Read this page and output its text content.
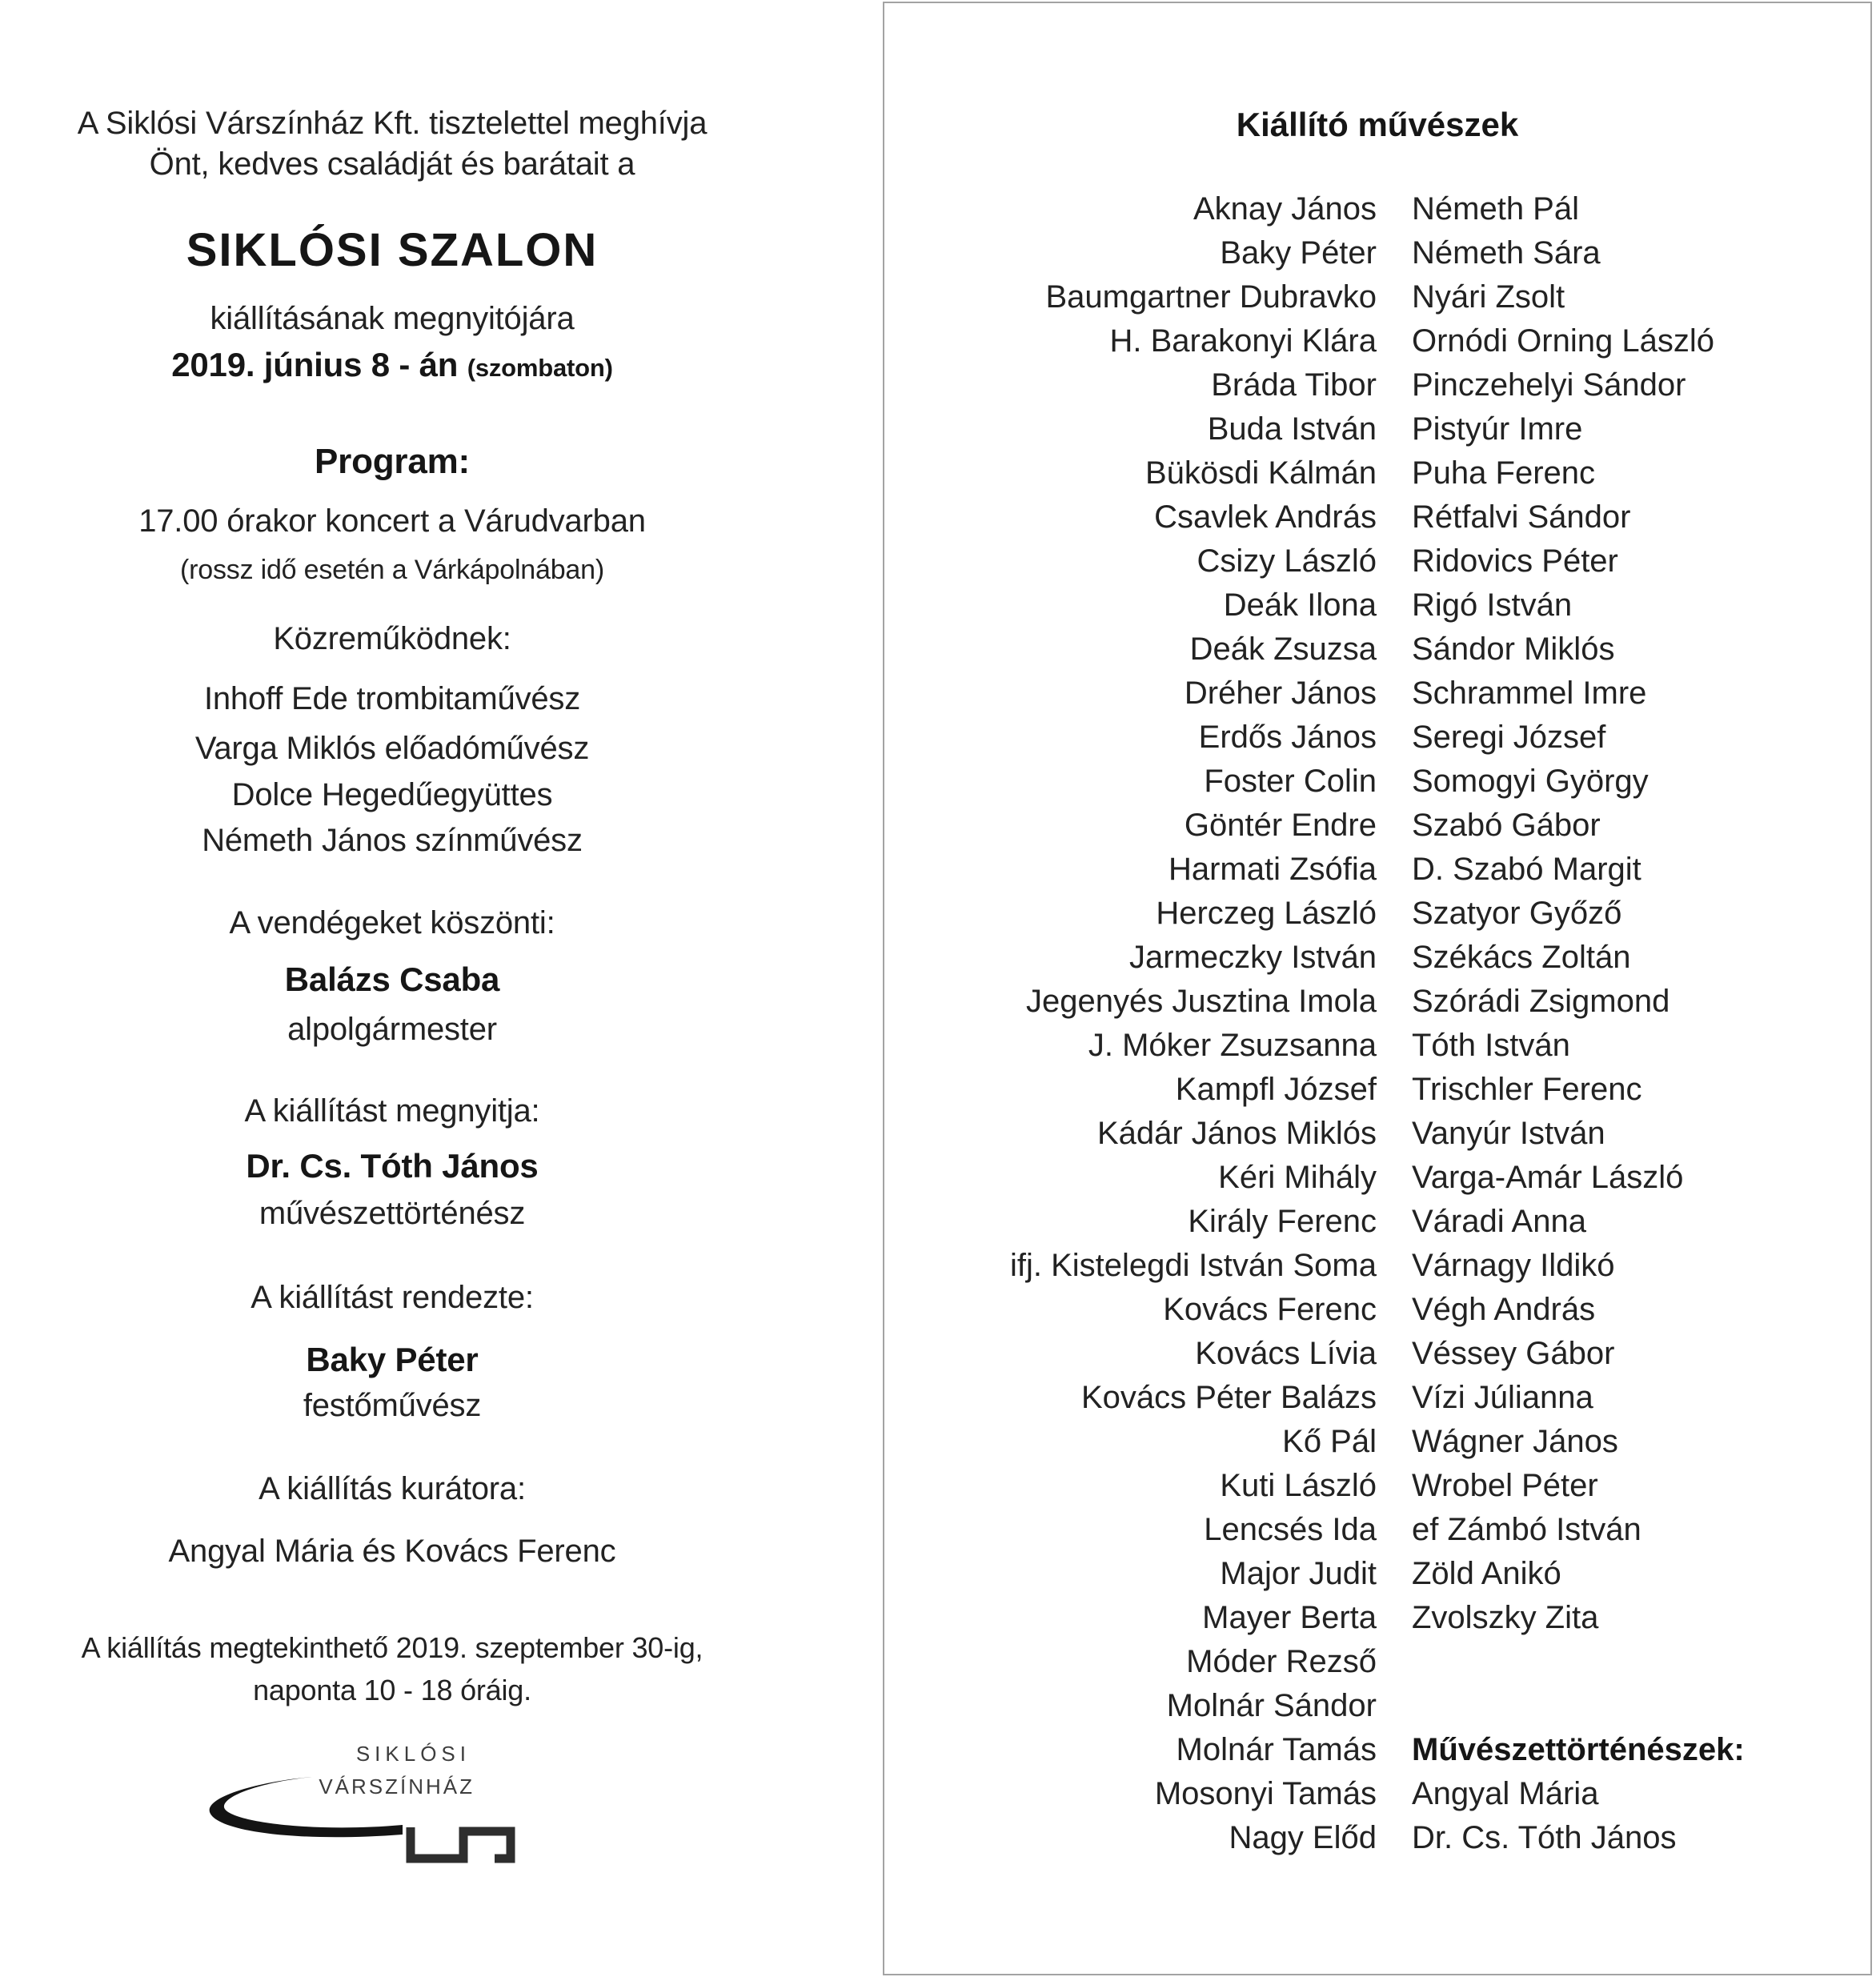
A Siklósi Várszínház Kft. tisztelettel meghívja
Önt, kedves családját és barátait a
SIKLÓSI SZALON
kiállításának megnyitójára
2019. június 8 - án (szombaton)
Program:
17.00 órakor koncert a Várudvarban
(rossz idő esetén a Várkápolnában)
Közreműködnek:
Inhoff Ede trombitaművész
Varga Miklós előadóművész
Dolce Hegedűegyüttes
Németh János színművész
A vendégeket köszönti:
Balázs Csaba
alpolgármester
A kiállítást megnyitja:
Dr. Cs. Tóth János
művészettörténész
A kiállítást rendezte:
Baky Péter
festőművész
A kiállítás kurátora:
Angyal Mária és Kovács Ferenc
A kiállítás megtekinthető 2019. szeptember 30-ig,
naponta 10 - 18 óráig.
SIKLÓSI
VÁRSZÍNHÁZ
Kiállító művészek
Aknay János
Baky Péter
Baumgartner Dubravko
H. Barakonyi Klára
Bráda Tibor
Buda István
Bükösdi Kálmán
Csavlek András
Csizy László
Deák Ilona
Deák Zsuzsa
Dréher János
Erdős János
Foster Colin
Göntér Endre
Harmati Zsófia
Herczeg László
Jarmeczky István
Jegenyés Jusztina Imola
J. Móker Zsuzsanna
Kampfl József
Kádár János Miklós
Kéri Mihály
Király Ferenc
ifj. Kistelegdi István Soma
Kovács Ferenc
Kovács Lívia
Kovács Péter Balázs
Kő Pál
Kuti László
Lencsés Ida
Major Judit
Mayer Berta
Móder Rezső
Molnár Sándor
Molnár Tamás
Mosonyi Tamás
Nagy Előd
Németh Pál
Németh Sára
Nyári Zsolt
Ornódi Orning László
Pinczehelyi Sándor
Pistyúr Imre
Puha Ferenc
Rétfalvi Sándor
Ridovics Péter
Rigó István
Sándor Miklós
Schrammel Imre
Seregi József
Somogyi György
Szabó Gábor
D. Szabó Margit
Szatyor Győző
Székács Zoltán
Szórádi Zsigmond
Tóth István
Trischler Ferenc
Vanyúr István
Varga-Amár László
Váradi Anna
Várnagy Ildikó
Végh András
Véssey Gábor
Vízi Júlianna
Wágner János
Wrobel Péter
ef Zámbó István
Zöld Anikó
Zvolszky Zita
Művészettörténészek:
Angyal Mária
Dr. Cs. Tóth János
